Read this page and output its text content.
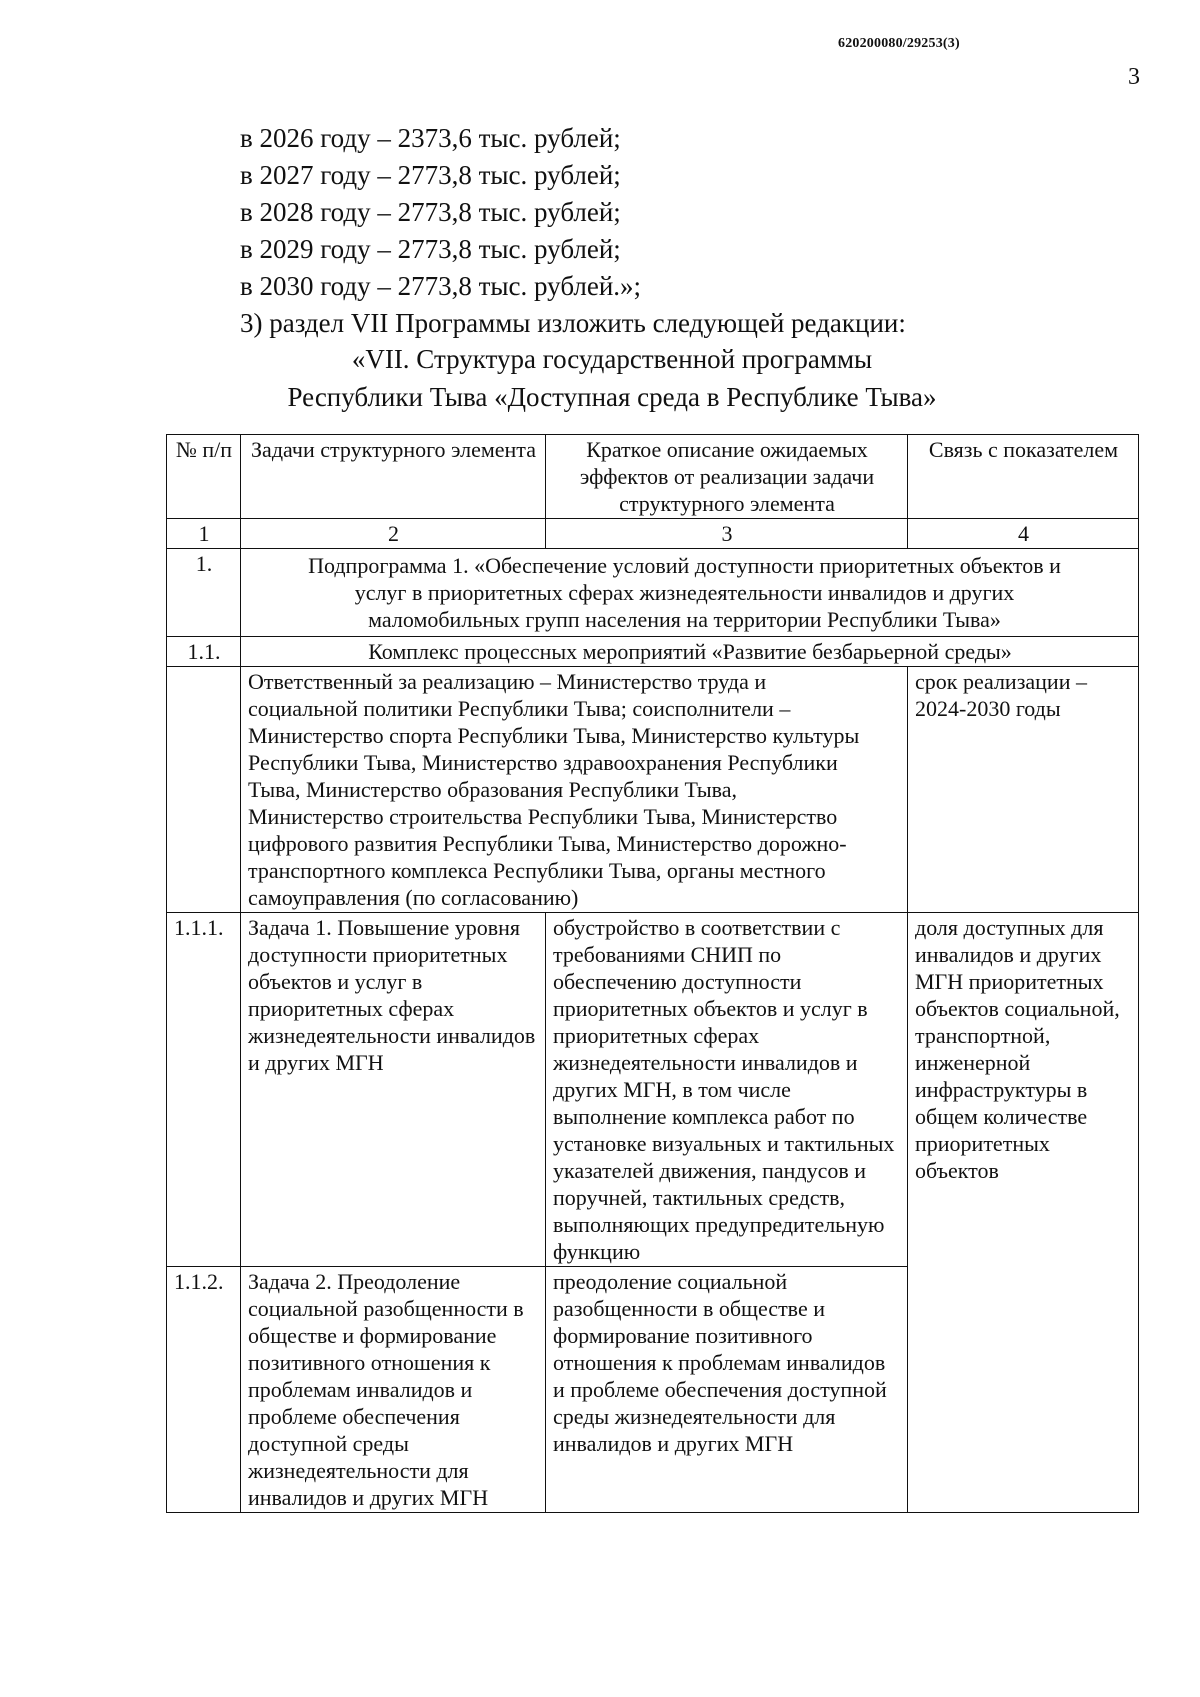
620200080/29253(3)
3
в 2026 году – 2373,6 тыс. рублей;
в 2027 году – 2773,8 тыс. рублей;
в 2028 году – 2773,8 тыс. рублей;
в 2029 году – 2773,8 тыс. рублей;
в 2030 году – 2773,8 тыс. рублей.»;
3) раздел VII Программы изложить следующей редакции:
«VII. Структура государственной программы
Республики Тыва «Доступная среда в Республике Тыва»
№ п/п	Задачи структурного элемента	Краткое описание ожидаемых эффектов от реализации задачи структурного элемента	Связь с показателем
1	2	3	4
1.	Подпрограмма 1. «Обеспечение условий доступности приоритетных объектов и услуг в приоритетных сферах жизнедеятельности инвалидов и других маломобильных групп населения на территории Республики Тыва»		
1.1.	Комплекс процессных мероприятий «Развитие безбарьерной среды»		
	Ответственный за реализацию – Министерство труда и социальной политики Республики Тыва; соисполнители – Министерство спорта Республики Тыва, Министерство культуры Республики Тыва, Министерство здравоохранения Республики Тыва, Министерство образования Республики Тыва, Министерство строительства Республики Тыва, Министерство цифрового развития Республики Тыва, Министерство дорожно-транспортного комплекса Республики Тыва, органы местного самоуправления (по согласованию)		срок реализации – 2024-2030 годы
1.1.1.	Задача 1. Повышение уровня доступности приоритетных объектов и услуг в приоритетных сферах жизнедеятельности инвалидов и других МГН	обустройство в соответствии с требованиями СНИП по обеспечению доступности приоритетных объектов и услуг в приоритетных сферах жизнедеятельности инвалидов и других МГН, в том числе выполнение комплекса работ по установке визуальных и тактильных указателей движения, пандусов и поручней, тактильных средств, выполняющих предупредительную функцию	доля доступных для инвалидов и других МГН приоритетных объектов социальной, транспортной, инженерной инфраструктуры в общем количестве приоритетных объектов
1.1.2.	Задача 2. Преодоление социальной разобщенности в обществе и формирование позитивного отношения к проблемам инвалидов и проблеме обеспечения доступной среды жизнедеятельности для инвалидов и других МГН	преодоление социальной разобщенности в обществе и формирование позитивного отношения к проблемам инвалидов и проблеме обеспечения доступной среды жизнедеятельности для инвалидов и других МГН	
